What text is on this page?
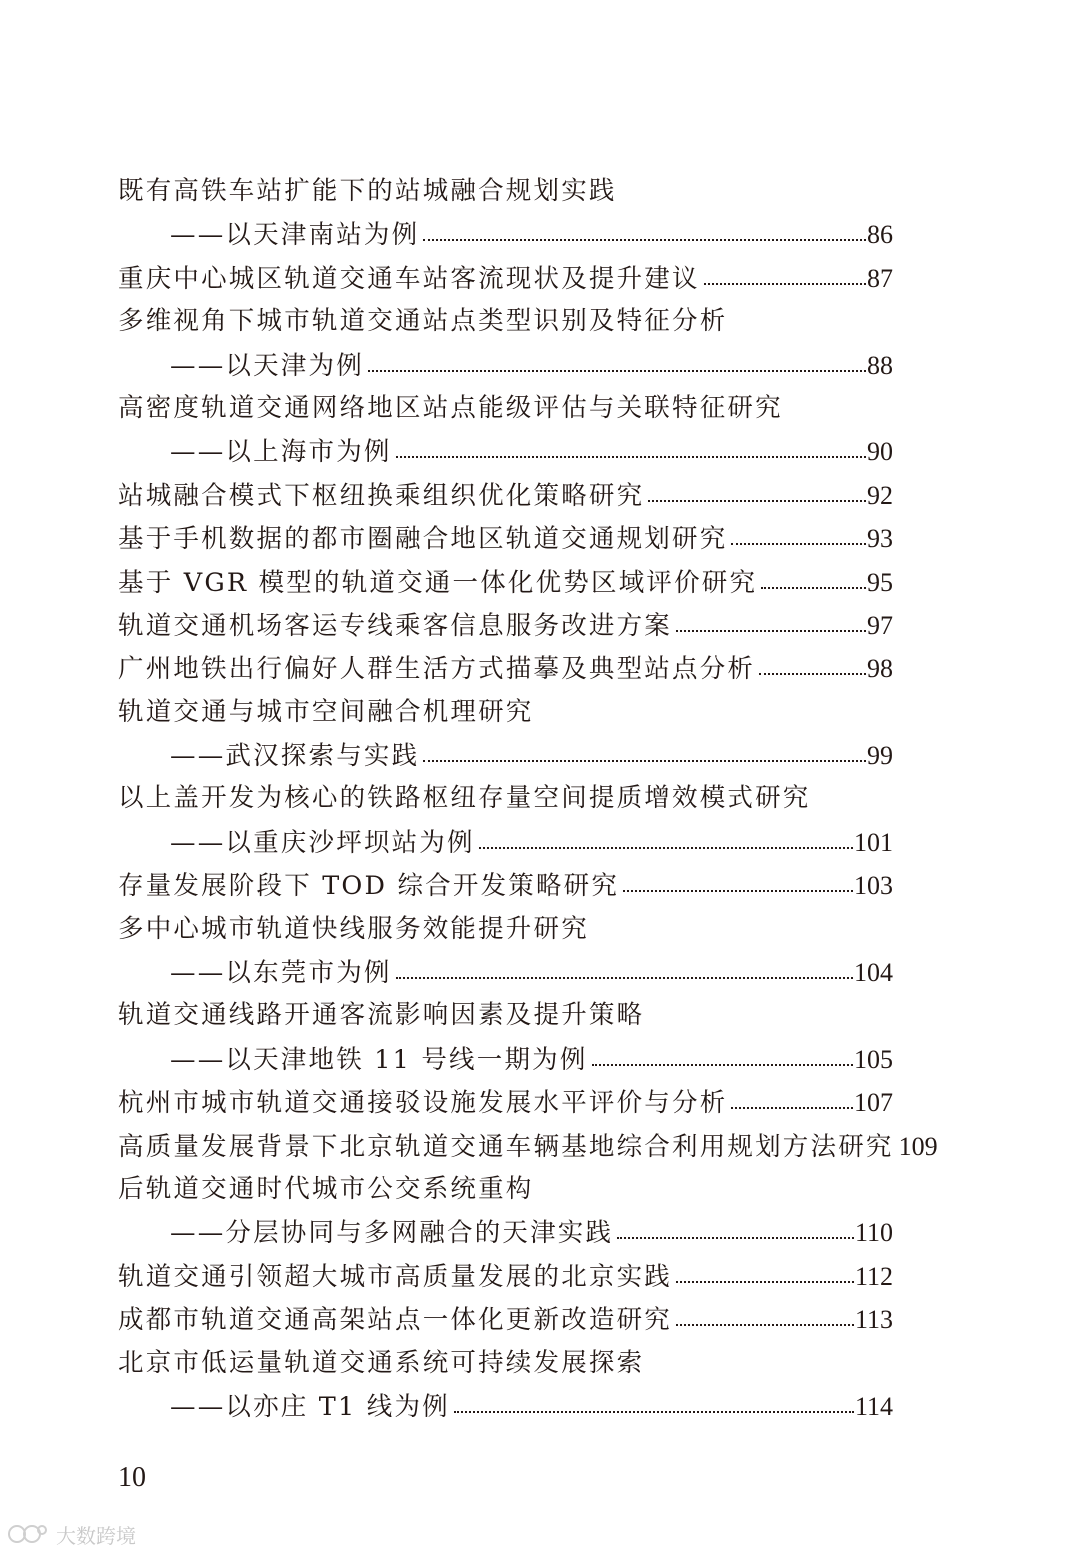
既有高铁车站扩能下的站城融合规划实践
——以天津南站为例	86
重庆中心城区轨道交通车站客流现状及提升建议	87
多维视角下城市轨道交通站点类型识别及特征分析
——以天津为例	88
高密度轨道交通网络地区站点能级评估与关联特征研究
——以上海市为例	90
站城融合模式下枢纽换乘组织优化策略研究	92
基于手机数据的都市圈融合地区轨道交通规划研究	93
基于 VGR 模型的轨道交通一体化优势区域评价研究	95
轨道交通机场客运专线乘客信息服务改进方案	97
广州地铁出行偏好人群生活方式描摹及典型站点分析	98
轨道交通与城市空间融合机理研究
——武汉探索与实践	99
以上盖开发为核心的铁路枢纽存量空间提质增效模式研究
——以重庆沙坪坝站为例	101
存量发展阶段下 TOD 综合开发策略研究	103
多中心城市轨道快线服务效能提升研究
——以东莞市为例	104
轨道交通线路开通客流影响因素及提升策略
——以天津地铁 11 号线一期为例	105
杭州市城市轨道交通接驳设施发展水平评价与分析	107
高质量发展背景下北京轨道交通车辆基地综合利用规划方法研究 109
后轨道交通时代城市公交系统重构
——分层协同与多网融合的天津实践	110
轨道交通引领超大城市高质量发展的北京实践	112
成都市轨道交通高架站点一体化更新改造研究	113
北京市低运量轨道交通系统可持续发展探索
——以亦庄 T1 线为例	114
10
大数跨境
